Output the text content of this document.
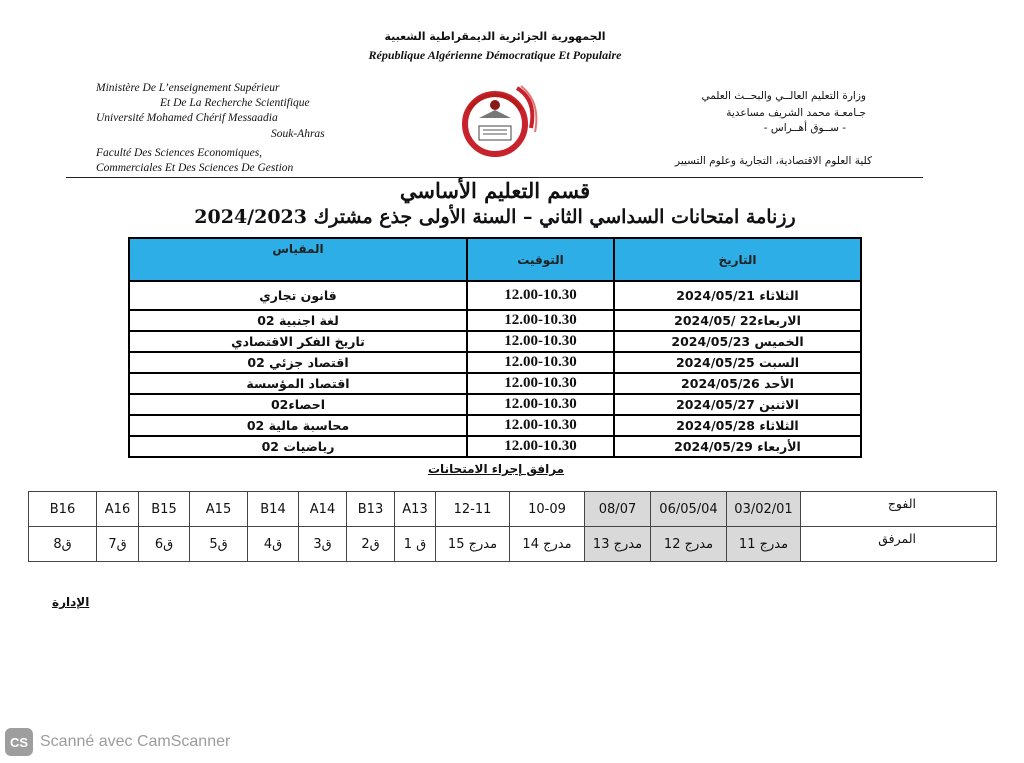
الجمهورية الجزائرية الديمقراطية الشعبية
République Algérienne Démocratique Et Populaire
Ministère De L’enseignement Supérieur
Et De La Recherche Scientifique
Université Mohamed Chérif Messaadia
Souk-Ahras
Faculté Des Sciences Economiques,
Commerciales Et Des Sciences De Gestion
وزارة التعليم العالــي والبحــث العلمي
جـامعـة محمد الشريف مساعدية
- ســوق أهــراس -
كلية العلوم الاقتصادية، التجارية وعلوم التسيير
قسم التعليم الأساسي
رزنامة امتحانات السداسي الثاني – السنة الأولى جذع مشترك 2024/2023
المقياس	التوقيت	التاريخ
قانون تجاري	12.00-10.30	الثلاثاء 2024/05/21
لغة اجنبية 02	12.00-10.30	الاربعاء22 /2024/05
تاريخ الفكر الاقتصادي	12.00-10.30	الخميس 2024/05/23
اقتصاد جزئي 02	12.00-10.30	السبت 2024/05/25
اقتصاد المؤسسة	12.00-10.30	الأحد 2024/05/26
احصاء02	12.00-10.30	الاثنين 2024/05/27
محاسبة مالية 02	12.00-10.30	الثلاثاء 2024/05/28
رياضيات 02	12.00-10.30	الأربعاء 2024/05/29
مرافق إجراء الامتحانات
B16	A16	B15	A15	B14	A14	B13	A13	12-11	10-09	08/07	06/05/04	03/02/01	الفوج
ق8	ق7	ق6	ق5	ق4	ق3	ق2	ق 1	مدرج 15	مدرج 14	مدرج 13	مدرج 12	مدرج 11	المرفق
الإدارة
CS Scanné avec CamScanner
